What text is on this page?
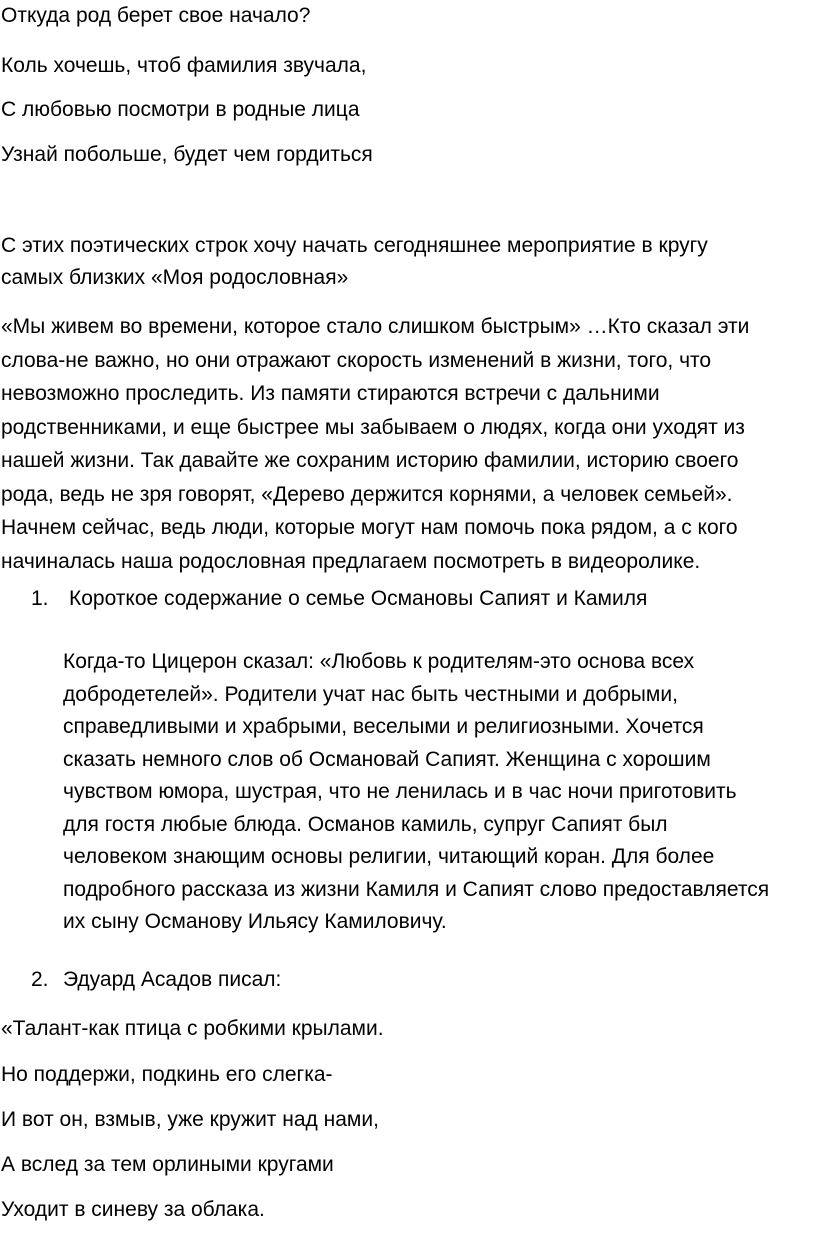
Откуда род берет свое начало?

Коль хочешь, чтоб фамилия звучала,

С любовью посмотри в родные лица

Узнай побольше, будет чем гордиться

С этих поэтических строк хочу начать сегодняшнее мероприятие в кругу
самых близких «Моя родословная»
«Мы живем во времени, которое стало слишком быстрым» …Кто сказал эти
слова-не важно, но они отражают скорость изменений в жизни, того, что
невозможно проследить. Из памяти стираются встречи с дальними
родственниками, и еще быстрее мы забываем о людях, когда они уходят из
нашей жизни. Так давайте же сохраним историю фамилии, историю своего
рода, ведь не зря говорят, «Дерево держится корнями, а человек семьей».
Начнем сейчас, ведь люди, которые могут нам помочь пока рядом, а с кого
начиналась наша родословная предлагаем посмотреть в видеоролике.

1. Короткое содержание о семье Османовы Сапият и Камиля

Когда-то Цицерон сказал: «Любовь к родителям-это основа всех
добродетелей». Родители учат нас быть честными и добрыми,
справедливыми и храбрыми, веселыми и религиозными. Хочется
сказать немного слов об Османовай Сапият. Женщина с хорошим
чувством юмора, шустрая, что не ленилась и в час ночи приготовить
для гостя любые блюда. Османов камиль, супруг Сапият был
человеком знающим основы религии, читающий коран. Для более
подробного рассказа из жизни Камиля и Сапият слово предоставляется
их сыну Османову Ильясу Камиловичу.

2. Эдуард Асадов писал:

«Талант-как птица с робкими крылами.

Но поддержи, подкинь его слегка-

И вот он, взмыв, уже кружит над нами,

А вслед за тем орлиными кругами

Уходит в синеву за облака.
